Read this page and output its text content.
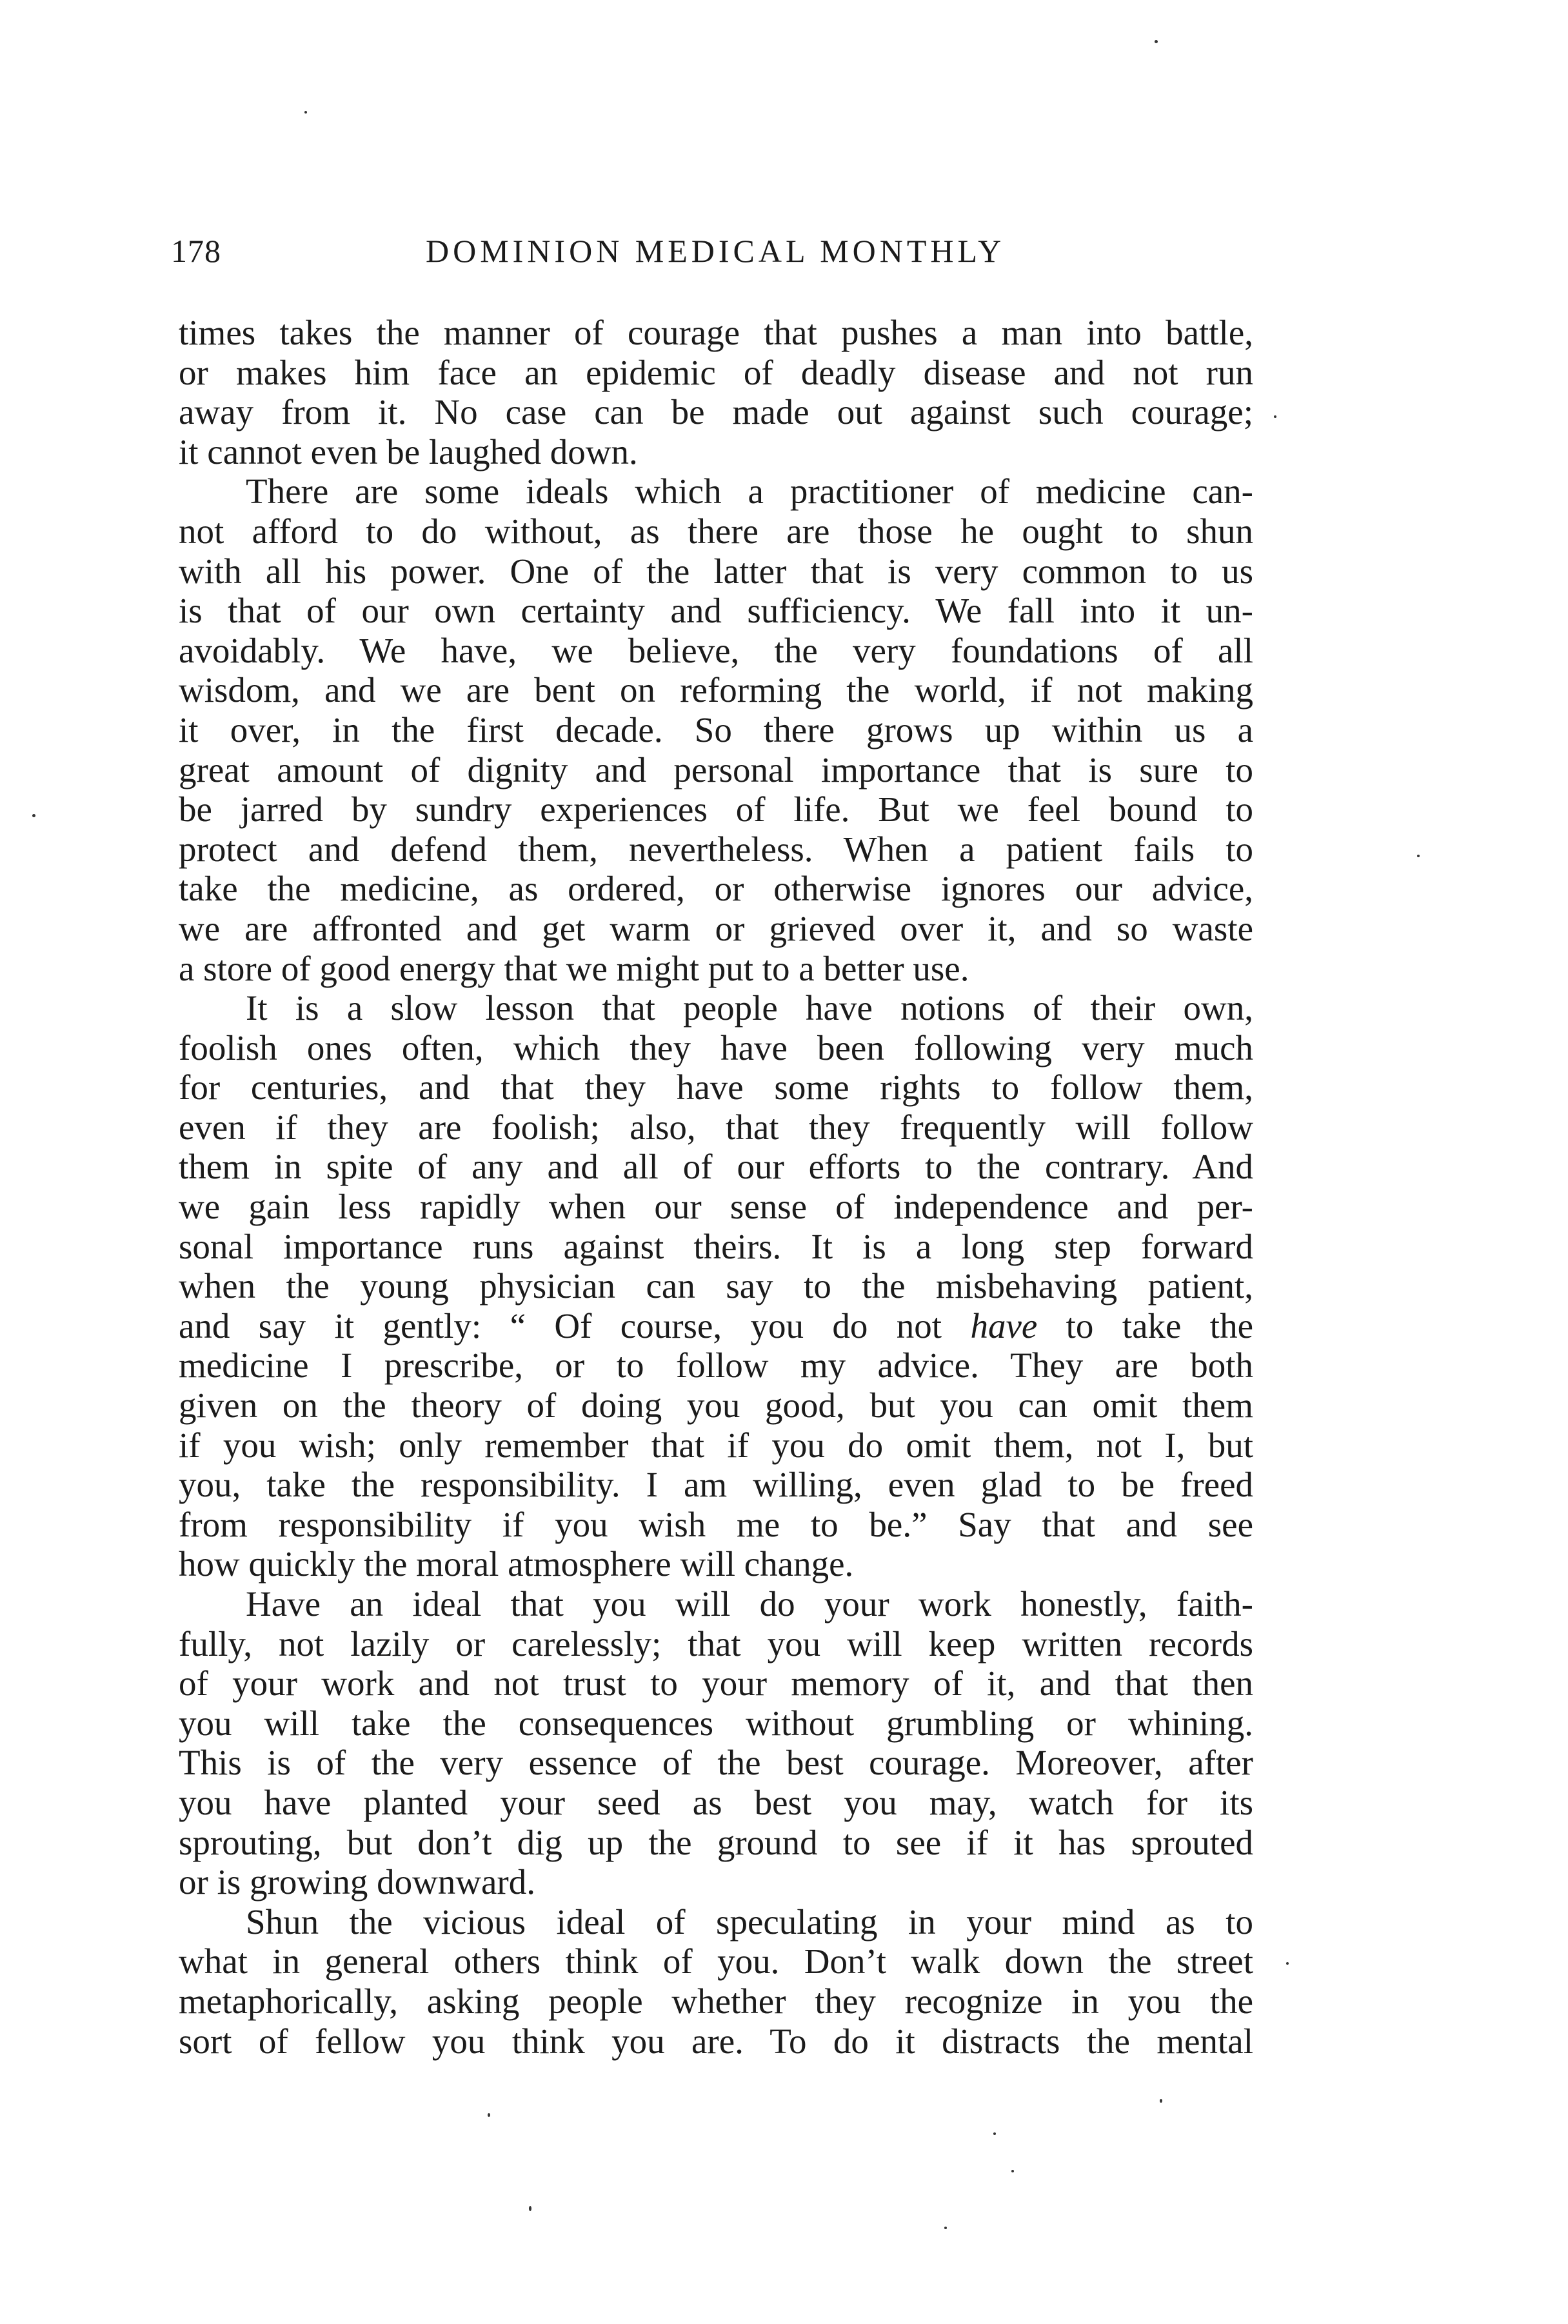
178	DOMINION MEDICAL MONTHLY
times takes the manner of courage that pushes a man into battle,
or makes him face an epidemic of deadly disease and not run
away from it. No case can be made out against such courage;
it cannot even be laughed down.
There are some ideals which a practitioner of medicine can-
not afford to do without, as there are those he ought to shun
with all his power. One of the latter that is very common to us
is that of our own certainty and sufficiency. We fall into it un-
avoidably. We have, we believe, the very foundations of all
wisdom, and we are bent on reforming the world, if not making
it over, in the first decade. So there grows up within us a
great amount of dignity and personal importance that is sure to
be jarred by sundry experiences of life. But we feel bound to
protect and defend them, nevertheless. When a patient fails to
take the medicine, as ordered, or otherwise ignores our advice,
we are affronted and get warm or grieved over it, and so waste
a store of good energy that we might put to a better use.
It is a slow lesson that people have notions of their own,
foolish ones often, which they have been following very much
for centuries, and that they have some rights to follow them,
even if they are foolish; also, that they frequently will follow
them in spite of any and all of our efforts to the contrary. And
we gain less rapidly when our sense of independence and per-
sonal importance runs against theirs. It is a long step forward
when the young physician can say to the misbehaving patient,
and say it gently: “ Of course, you do not have to take the
medicine I prescribe, or to follow my advice. They are both
given on the theory of doing you good, but you can omit them
if you wish; only remember that if you do omit them, not I, but
you, take the responsibility. I am willing, even glad to be freed
from responsibility if you wish me to be.” Say that and see
how quickly the moral atmosphere will change.
Have an ideal that you will do your work honestly, faith-
fully, not lazily or carelessly; that you will keep written records
of your work and not trust to your memory of it, and that then
you will take the consequences without grumbling or whining.
This is of the very essence of the best courage. Moreover, after
you have planted your seed as best you may, watch for its
sprouting, but don’t dig up the ground to see if it has sprouted
or is growing downward.
Shun the vicious ideal of speculating in your mind as to
what in general others think of you. Don’t walk down the street
metaphorically, asking people whether they recognize in you the
sort of fellow you think you are. To do it distracts the mental
